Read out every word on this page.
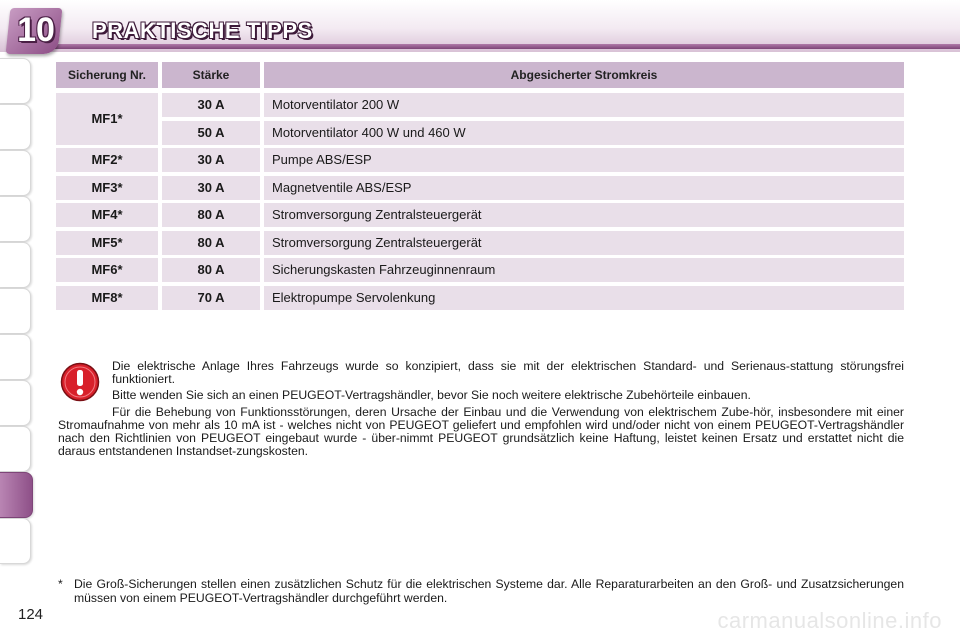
10 PRAKTISCHE TIPPS
Sicherung Nr.	Stärke	Abgesicherter Stromkreis
MF1*
30 A	Motorventilator 200 W
50 A	Motorventilator 400 W und 460 W
MF2*	30 A	Pumpe ABS/ESP
MF3*	30 A	Magnetventile ABS/ESP
MF4*	80 A	Stromversorgung Zentralsteuergerät
MF5*	80 A	Stromversorgung Zentralsteuergerät
MF6*	80 A	Sicherungskasten Fahrzeuginnenraum
MF8*	70 A	Elektropumpe Servolenkung

Die elektrische Anlage Ihres Fahrzeugs wurde so konzipiert, dass sie mit der elektrischen Standard- und Serienaus-stattung störungsfrei funktioniert.

Bitte wenden Sie sich an einen PEUGEOT-Vertragshändler, bevor Sie noch weitere elektrische Zubehörteile einbauen.

Für die Behebung von Funktionsstörungen, deren Ursache der Einbau und die Verwendung von elektrischem Zube-hör, insbesondere mit einer Stromaufnahme von mehr als 10 mA ist - welches nicht von PEUGEOT geliefert und empfohlen wird und/oder nicht von einem PEUGEOT-Vertragshändler nach den Richtlinien von PEUGEOT eingebaut wurde - über-nimmt PEUGEOT grundsätzlich keine Haftung, leistet keinen Ersatz und erstattet nicht die daraus entstandenen Instandset-zungskosten.

* Die Groß-Sicherungen stellen einen zusätzlichen Schutz für die elektrischen Systeme dar. Alle Reparaturarbeiten an den Groß- und Zusatzsicherungen müssen von einem PEUGEOT-Vertragshändler durchgeführt werden.
124	carmanualsonline.info
